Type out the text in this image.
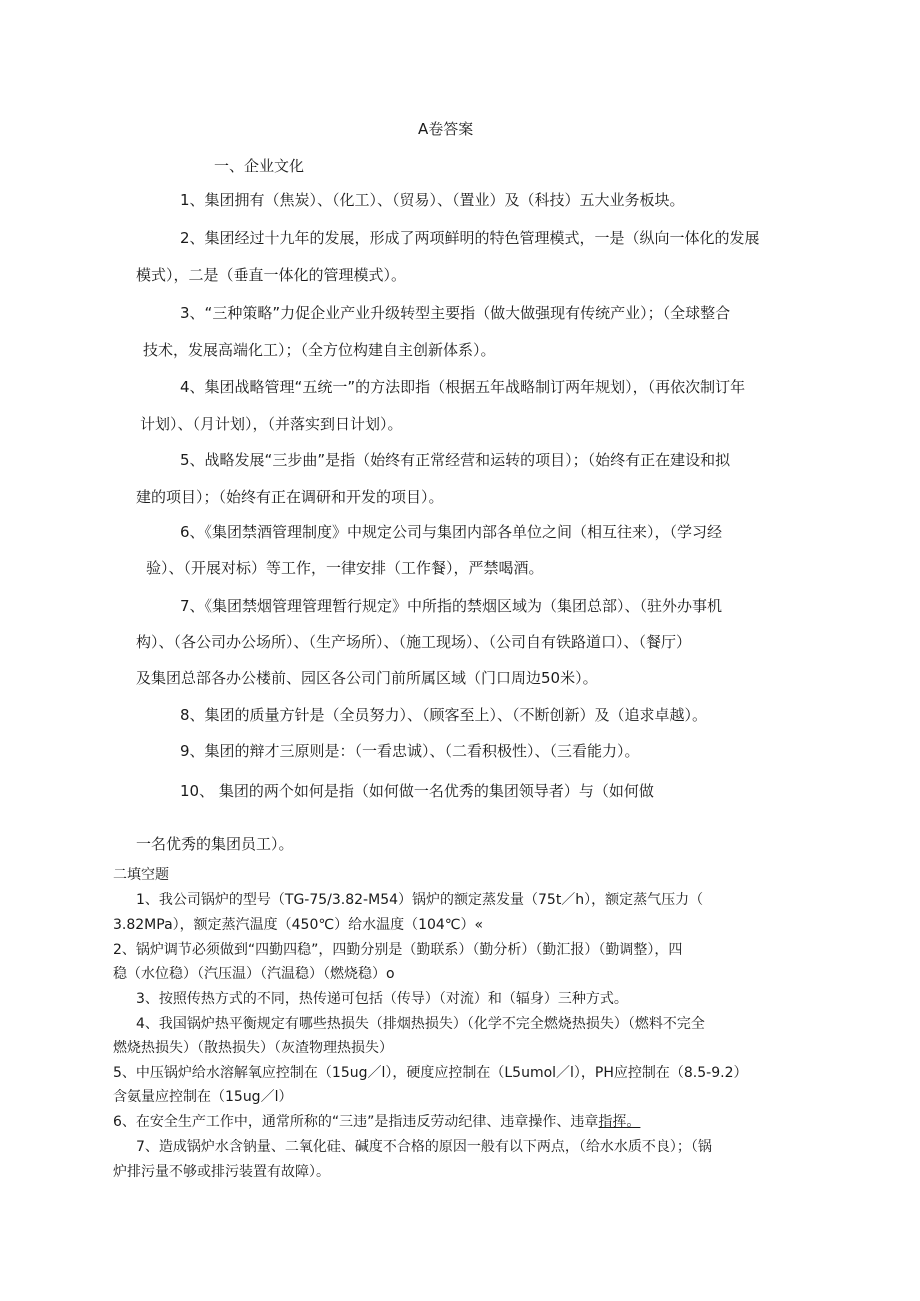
A卷答案
一、企业文化
1、集团拥有（焦炭）、（化工）、（贸易）、（置业）及（科技）五大业务板块。
2、集团经过十九年的发展，形成了两项鲜明的特色管理模式，一是（纵向一体化的发展
模式），二是（垂直一体化的管理模式）。
3、“三种策略”力促企业产业升级转型主要指（做大做强现有传统产业）；（全球整合
技术，发展高端化工）；（全方位构建自主创新体系）。
4、集团战略管理“五统一”的方法即指（根据五年战略制订两年规划），（再依次制订年
计划）、（月计划），（并落实到日计划）。
5、战略发展“三步曲”是指（始终有正常经营和运转的项目）；（始终有正在建设和拟
建的项目）；（始终有正在调研和开发的项目）。
6、《集团禁酒管理制度》中规定公司与集团内部各单位之间（相互往来），（学习经
验）、（开展对标）等工作，一律安排（工作餐），严禁喝酒。
7、《集团禁烟管理管理暂行规定》中所指的禁烟区域为（集团总部）、（驻外办事机
构）、（各公司办公场所）、（生产场所）、（施工现场）、（公司自有铁路道口）、（餐厅）
及集团总部各办公楼前、园区各公司门前所属区域（门口周边50米）。
8、集团的质量方针是（全员努力）、（顾客至上）、（不断创新）及（追求卓越）。
9、集团的辩才三原则是：（一看忠诚）、（二看积极性）、（三看能力）。
10、 集团的两个如何是指（如何做一名优秀的集团领导者）与（如何做
一名优秀的集团员工）。
二填空题
1、我公司锅炉的型号（TG-75/3.82-M54）锅炉的额定蒸发量（75t／h），额定蒸气压力（
3.82MPa），额定蒸汽温度（450℃）给水温度（104℃）«
2、锅炉调节必须做到“四勤四稳”，四勤分别是（勤联系）（勤分析）（勤汇报）（勤调整），四
稳（水位稳）（汽压温）（汽温稳）（燃烧稳）o
3、按照传热方式的不同，热传递可包括（传导）（对流）和（辐身）三种方式。
4、我国锅炉热平衡规定有哪些热损失（排烟热损失）（化学不完全燃烧热损失）（燃料不完全
燃烧热损失）（散热损失）（灰渣物理热损失）
5、中压锅炉给水溶解氧应控制在（15ug／l），硬度应控制在（L5umol／l），PH应控制在（8.5-9.2）
含氨量应控制在（15ug／l）
6、在安全生产工作中，通常所称的“三违”是指违反劳动纪律、违章操作、违章指挥。
7、造成锅炉水含钠量、二氧化硅、碱度不合格的原因一般有以下两点，（给水水质不良）；（锅
炉排污量不够或排污装置有故障）。
